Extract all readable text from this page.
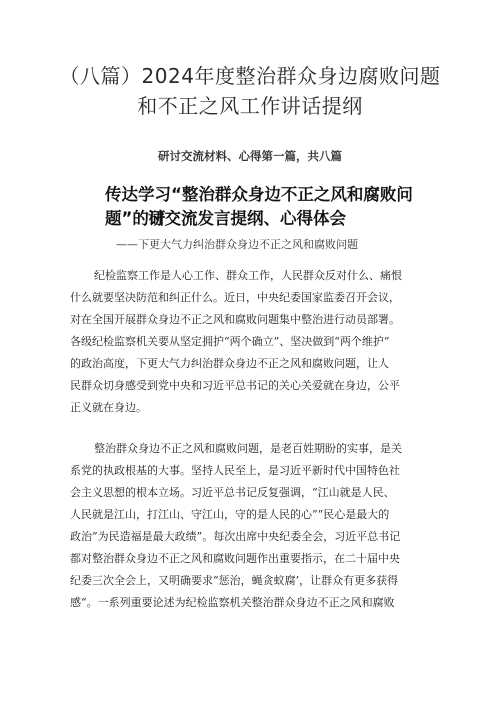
（八篇）2024年度整治群众身边腐败问题
和不正之风工作讲话提纲
研讨交流材料、心得第一篇，共八篇
传达学习“整治群众身边不正之风和腐败问题”的研
讨交流发言提纲、心得体会
——下更大气力纠治群众身边不正之风和腐败问题
纪检监察工作是人心工作、群众工作，人民群众反对什么、痛恨
什么就要坚决防范和纠正什么。近日，中央纪委国家监委召开会议，
对在全国开展群众身边不正之风和腐败问题集中整治进行动员部署。
各级纪检监察机关要从坚定拥护“两个确立”、坚决做到“两个维护”
的政治高度，下更大气力纠治群众身边不正之风和腐败问题，让人
民群众切身感受到党中央和习近平总书记的关心关爱就在身边，公平
正义就在身边。
整治群众身边不正之风和腐败问题，是老百姓期盼的实事，是关
系党的执政根基的大事。坚持人民至上，是习近平新时代中国特色社
会主义思想的根本立场。习近平总书记反复强调，“江山就是人民、
人民就是江山，打江山、守江山，守的是人民的心”“民心是最大的
政治”为民造福是最大政绩”。每次出席中央纪委全会，习近平总书记
都对整治群众身边不正之风和腐败问题作出重要指示，在二十届中央
纪委三次全会上，又明确要求“惩治，蝇贪蚁腐’，让群众有更多获得
感“。一系列重要论述为纪检监察机关整治群众身边不正之风和腐败
